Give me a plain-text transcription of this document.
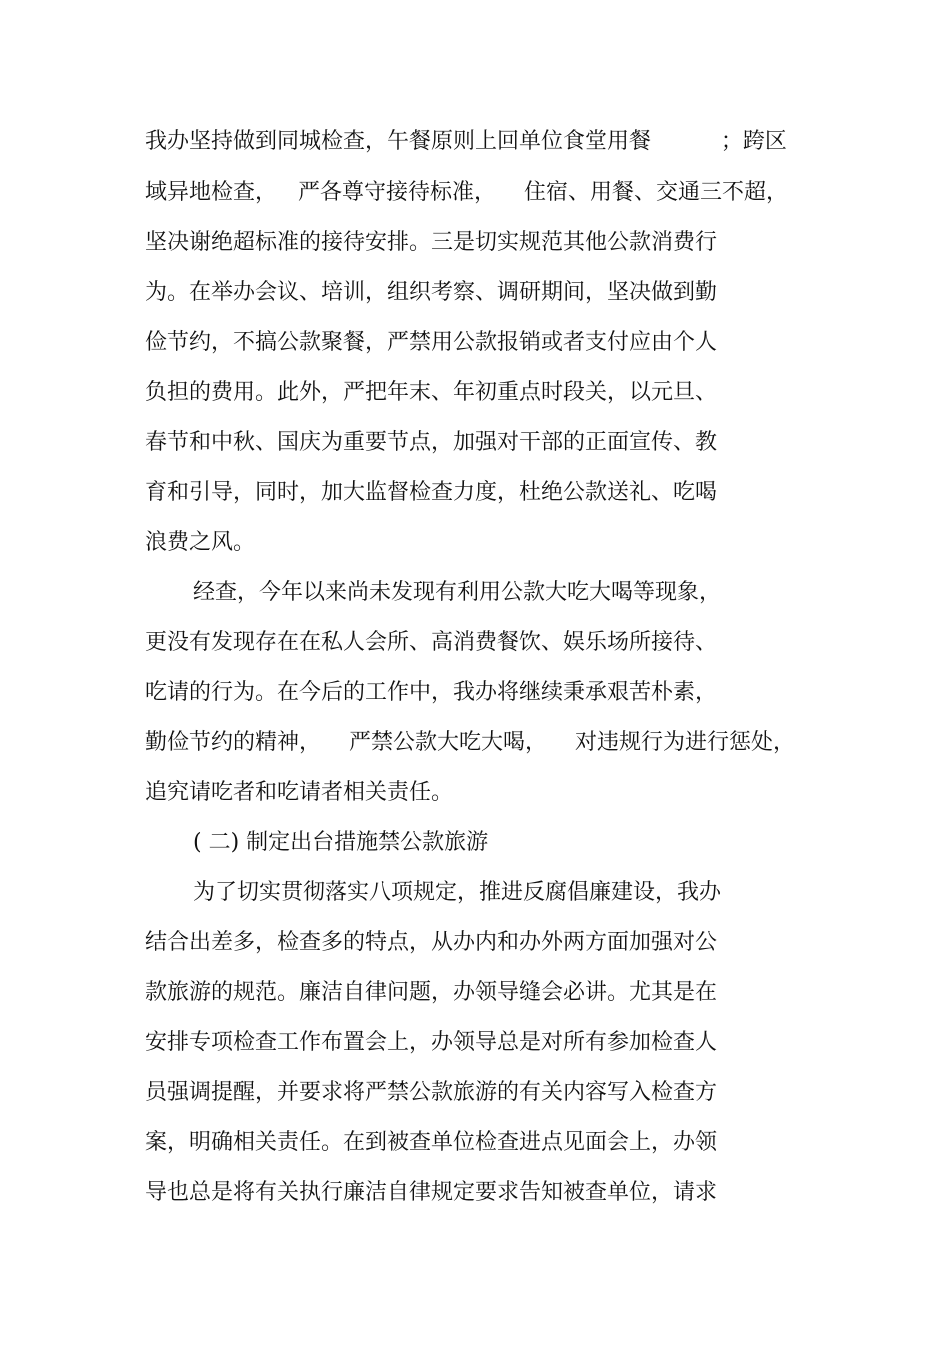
我办坚持做到同城检查，午餐原则上回单位食堂用餐          ；跨区
域异地检查，   严各尊守接待标准，    住宿、用餐、交通三不超，
坚决谢绝超标准的接待安排。三是切实规范其他公款消费行
为。在举办会议、培训，组织考察、调研期间，坚决做到勤
俭节约，不搞公款聚餐，严禁用公款报销或者支付应由个人
负担的费用。此外，严把年末、年初重点时段关，以元旦、
春节和中秋、国庆为重要节点，加强对干部的正面宣传、教
育和引导，同时，加大监督检查力度，杜绝公款送礼、吃喝
浪费之风。
经查，今年以来尚未发现有利用公款大吃大喝等现象，
更没有发现存在在私人会所、高消费餐饮、娱乐场所接待、
吃请的行为。在今后的工作中，我办将继续秉承艰苦朴素，
勤俭节约的精神，    严禁公款大吃大喝，    对违规行为进行惩处，
追究请吃者和吃请者相关责任。
( 二) 制定出台措施禁公款旅游
为了切实贯彻落实八项规定，推进反腐倡廉建设，我办
结合出差多，检查多的特点，从办内和办外两方面加强对公
款旅游的规范。廉洁自律问题，办领导缝会必讲。尤其是在
安排专项检查工作布置会上，办领导总是对所有参加检查人
员强调提醒，并要求将严禁公款旅游的有关内容写入检查方
案，明确相关责任。在到被查单位检查进点见面会上，办领
导也总是将有关执行廉洁自律规定要求告知被查单位，请求
